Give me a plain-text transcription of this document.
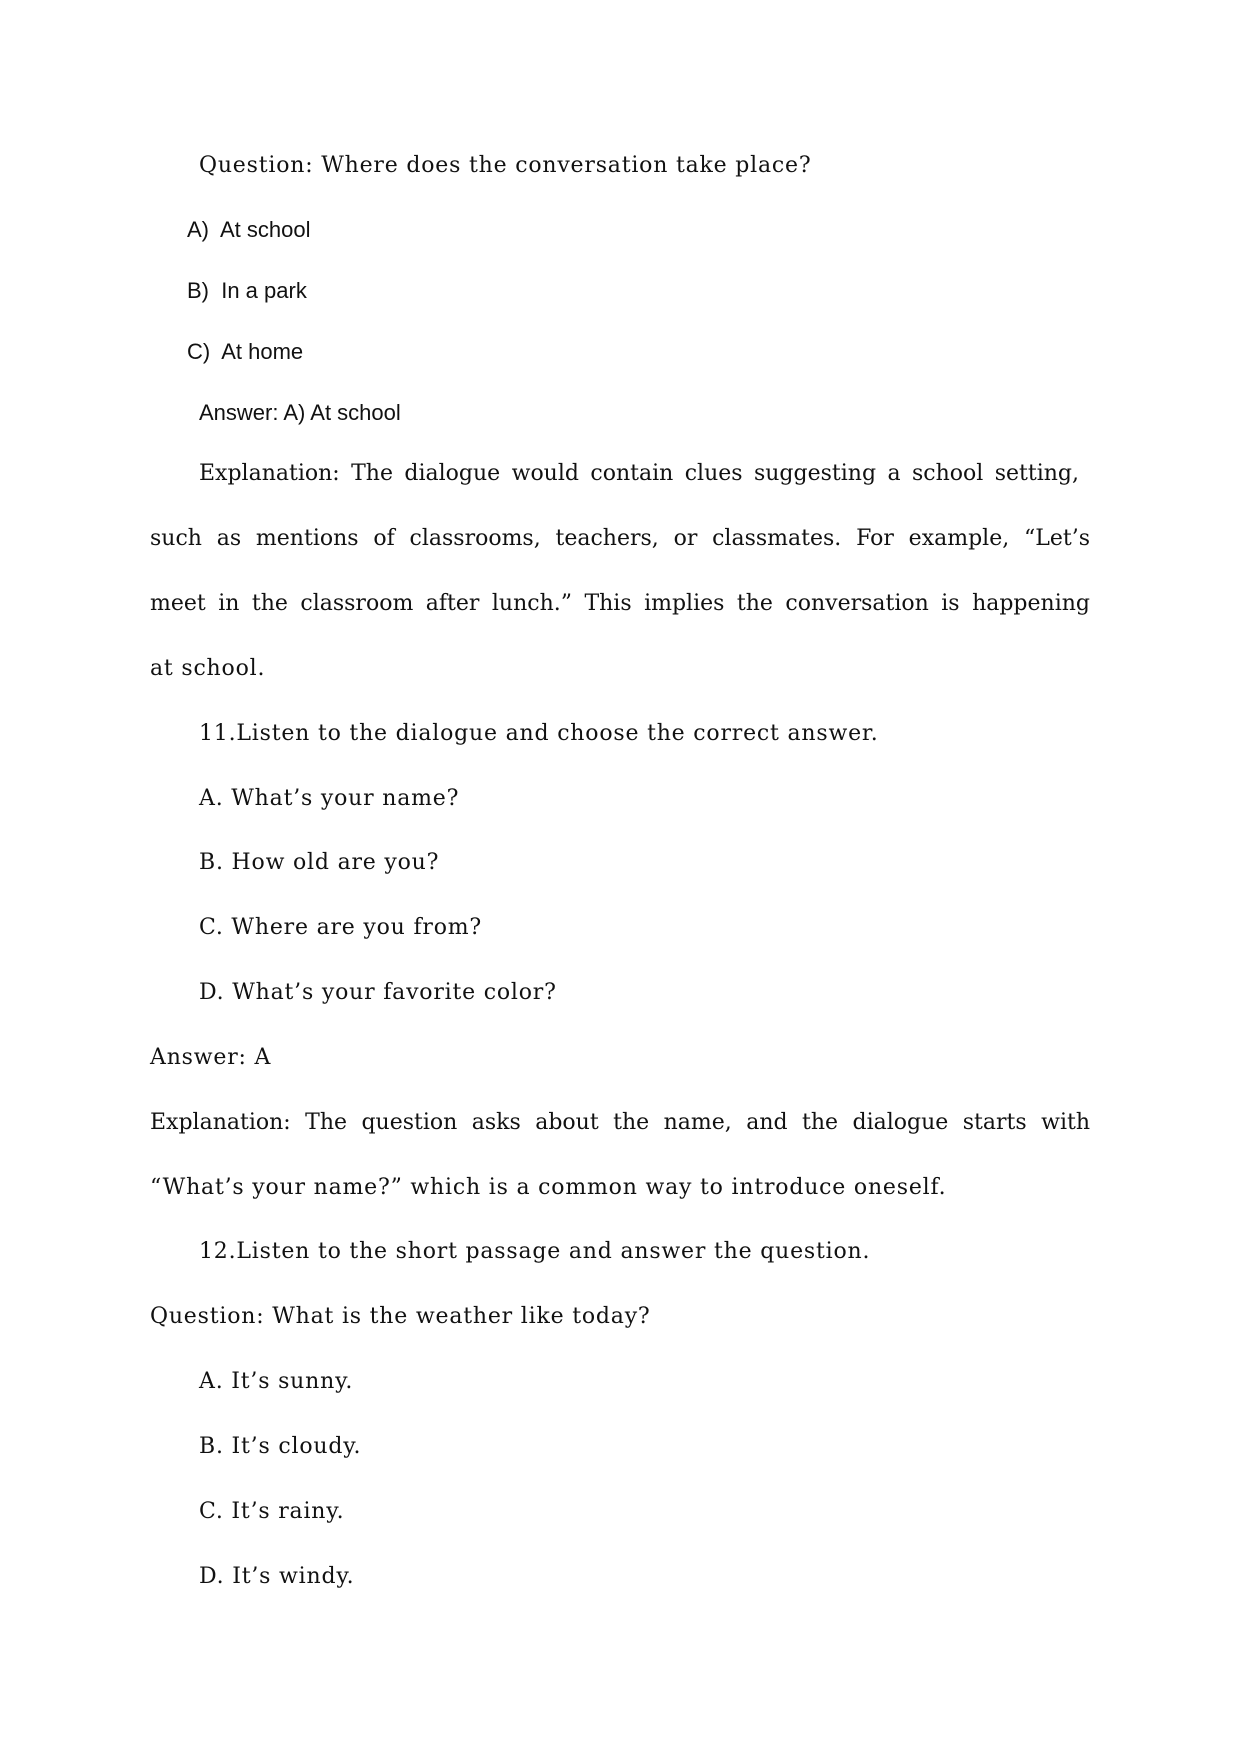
Question: Where does the conversation take place?
A)  At school
B)  In a park
C)  At home
Answer: A) At school
Explanation: The dialogue would contain clues suggesting a school setting,
such as mentions of classrooms, teachers, or classmates. For example, “Let’s
meet in the classroom after lunch.” This implies the conversation is happening
at school.
11.Listen to the dialogue and choose the correct answer.
A. What’s your name?
B. How old are you?
C. Where are you from?
D. What’s your favorite color?
Answer: A
Explanation: The question asks about the name, and the dialogue starts with
“What’s your name?” which is a common way to introduce oneself.
12.Listen to the short passage and answer the question.
Question: What is the weather like today?
A. It’s sunny.
B. It’s cloudy.
C. It’s rainy.
D. It’s windy.
